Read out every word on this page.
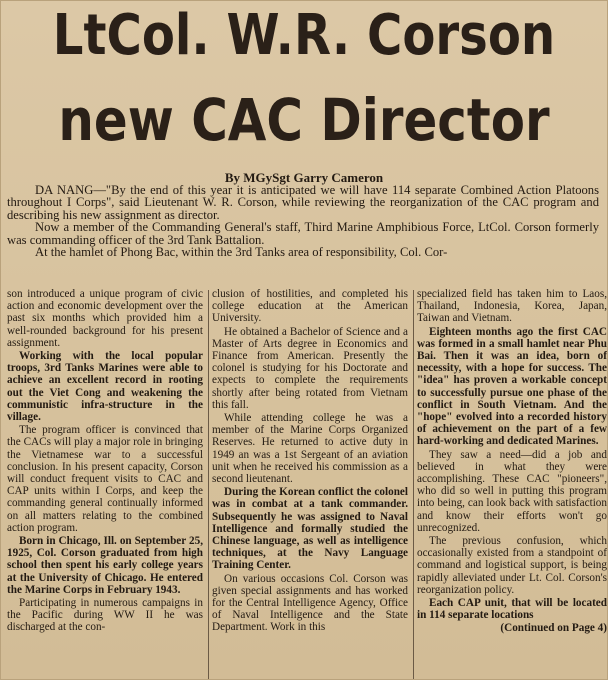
LtCol. W.R. Corson
new CAC Director
By MGySgt Garry Cameron

DA NANG—"By the end of this year it is anticipated we will have 114 separate Combined Action Platoons throughout I Corps", said Lieutenant W. R. Corson, while reviewing the reorganization of the CAC program and describing his new assignment as director.

Now a member of the Commanding General's staff, Third Marine Amphibious Force, LtCol. Corson formerly was commanding officer of the 3rd Tank Battalion.

At the hamlet of Phong Bac, within the 3rd Tanks area of responsibility, Col. Cor-

son introduced a unique program of civic action and economic development over the past six months which provided him a well-rounded background for his present assignment.

Working with the local popular troops, 3rd Tanks Marines were able to achieve an excellent record in rooting out the Viet Cong and weakening the communistic infra-structure in the village.

The program officer is convinced that the CACs will play a major role in bringing the Vietnamese war to a successful conclusion. In his present capacity, Corson will conduct frequent visits to CAC and CAP units within I Corps, and keep the commanding general continually informed on all matters relating to the combined action program.

Born in Chicago, Ill. on September 25, 1925, Col. Corson graduated from high school then spent his early college years at the University of Chicago. He entered the Marine Corps in February 1943.

Participating in numerous campaigns in the Pacific during WW II he was discharged at the con-

clusion of hostilities, and completed his college education at the American University.

He obtained a Bachelor of Science and a Master of Arts degree in Economics and Finance from American. Presently the colonel is studying for his Doctorate and expects to complete the requirements shortly after being rotated from Vietnam this fall.

While attending college he was a member of the Marine Corps Organized Reserves. He returned to active duty in 1949 an was a 1st Sergeant of an aviation unit when he received his commission as a second lieutenant.

During the Korean conflict the colonel was in combat at a tank commander. Subsequently he was assigned to Naval Intelligence and formally studied the Chinese language, as well as intelligence techniques, at the Navy Language Training Center.

On various occasions Col. Corson was given special assignments and has worked for the Central Intelligence Agency, Office of Naval Intelligence and the State Department. Work in this

specialized field has taken him to Laos, Thailand, Indonesia, Korea, Japan, Taiwan and Vietnam.

Eighteen months ago the first CAC was formed in a small hamlet near Phu Bai. Then it was an idea, born of necessity, with a hope for success. The "idea" has proven a workable concept to successfully pursue one phase of the conflict in South Vietnam. And the "hope" evolved into a recorded history of achievement on the part of a few hard-working and dedicated Marines.

They saw a need—did a job and believed in what they were accomplishing. These CAC "pioneers", who did so well in putting this program into being, can look back with satisfaction and know their efforts won't go unrecognized.

The previous confusion, which occasionally existed from a standpoint of command and logistical support, is being rapidly alleviated under Lt. Col. Corson's reorganization policy.

Each CAP unit, that will be located in 114 separate locations

(Continued on Page 4)
